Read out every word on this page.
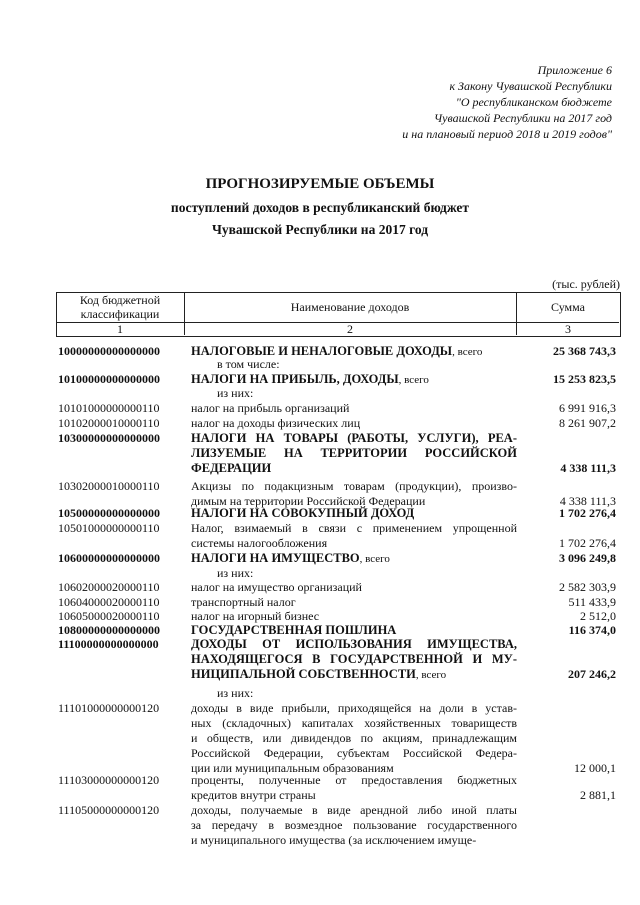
Приложение 6
к Закону Чувашской Республики
"О республиканском бюджете
Чувашской Республики на 2017 год
и на плановый период 2018 и 2019 годов"
ПРОГНОЗИРУЕМЫЕ ОБЪЕМЫ
поступлений доходов в республиканский бюджет
Чувашской Республики на 2017 год
(тыс. рублей)
Код бюджетной классификации	Наименование доходов	Сумма
1	2	3
10000000000000000	НАЛОГОВЫЕ И НЕНАЛОГОВЫЕ ДОХОДЫ, всего	25 368 743,3
в том числе:
10100000000000000	НАЛОГИ НА ПРИБЫЛЬ, ДОХОДЫ, всего	15 253 823,5
из них:
10101000000000110	налог на прибыль организаций	6 991 916,3
10102000010000110	налог на доходы физических лиц	8 261 907,2
10300000000000000	НАЛОГИ НА ТОВАРЫ (РАБОТЫ, УСЛУГИ), РЕА-
ЛИЗУЕМЫЕ НА ТЕРРИТОРИИ РОССИЙСКОЙ
ФЕДЕРАЦИИ	4 338 111,3
10302000010000110	Акцизы по подакцизным товарам (продукции), произво-
димым на территории Российской Федерации	4 338 111,3
10500000000000000	НАЛОГИ НА СОВОКУПНЫЙ ДОХОД	1 702 276,4
10501000000000110	Налог, взимаемый в связи с применением упрощенной
системы налогообложения	1 702 276,4
10600000000000000	НАЛОГИ НА ИМУЩЕСТВО, всего	3 096 249,8
из них:
10602000020000110	налог на имущество организаций	2 582 303,9
10604000020000110	транспортный налог	511 433,9
10605000020000110	налог на игорный бизнес	2 512,0
10800000000000000	ГОСУДАРСТВЕННАЯ ПОШЛИНА	116 374,0
11100000000000000	ДОХОДЫ ОТ ИСПОЛЬЗОВАНИЯ ИМУЩЕСТВА,
НАХОДЯЩЕГОСЯ В ГОСУДАРСТВЕННОЙ И МУ-
НИЦИПАЛЬНОЙ СОБСТВЕННОСТИ, всего	207 246,2
из них:
11101000000000120	доходы в виде прибыли, приходящейся на доли в устав-
ных (складочных) капиталах хозяйственных товариществ
и обществ, или дивидендов по акциям, принадлежащим
Российской Федерации, субъектам Российской Федера-
ции или муниципальным образованиям	12 000,1
11103000000000120	проценты, полученные от предоставления бюджетных
кредитов внутри страны	2 881,1
11105000000000120	доходы, получаемые в виде арендной либо иной платы
за передачу в возмездное пользование государственного
и муниципального имущества (за исключением имуще-
